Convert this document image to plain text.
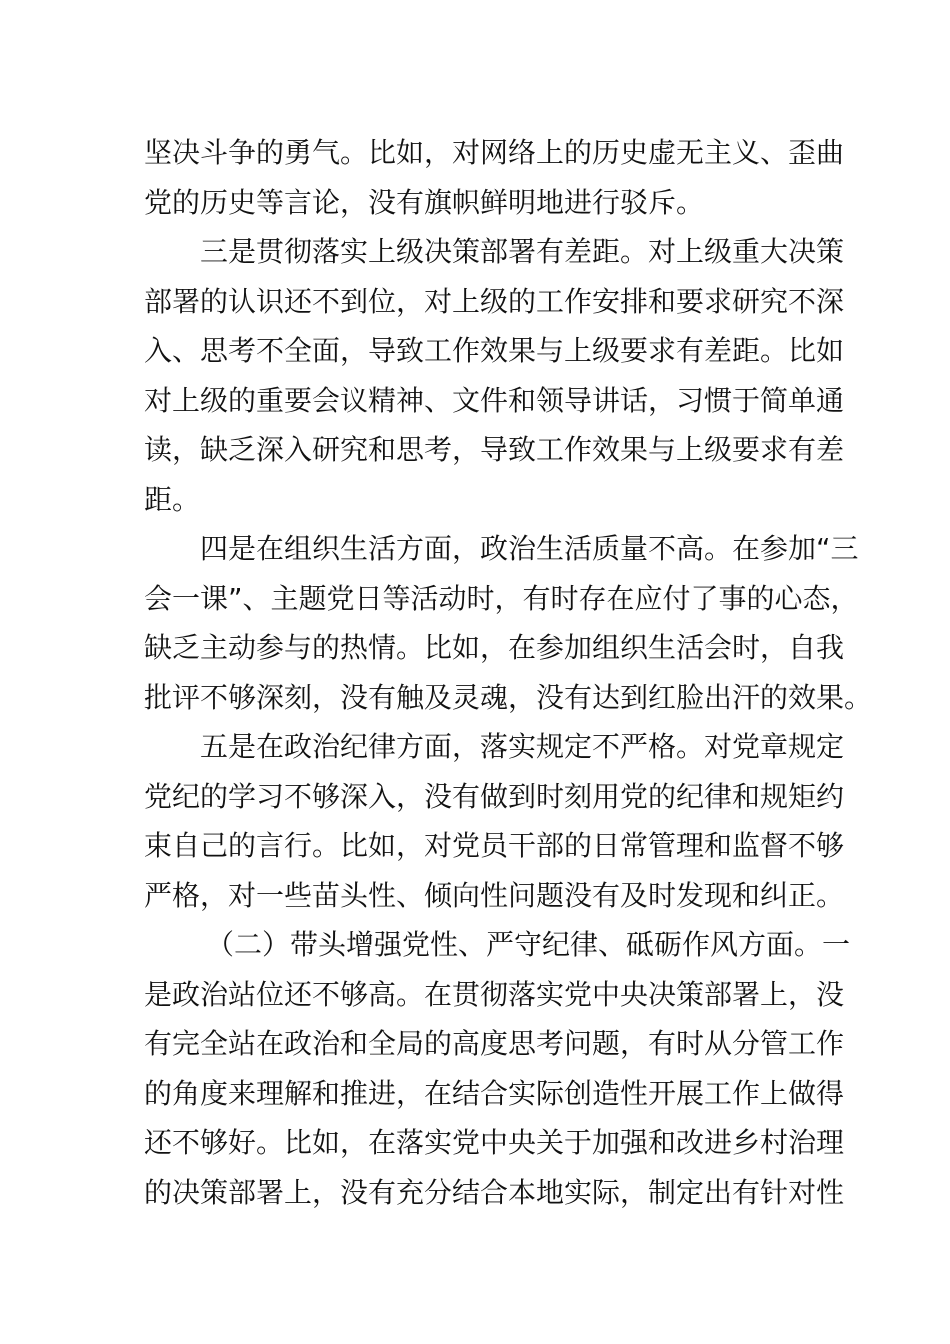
坚决斗争的勇气。比如，对网络上的历史虚无主义、歪曲
党的历史等言论，没有旗帜鲜明地进行驳斥。
三是贯彻落实上级决策部署有差距。对上级重大决策
部署的认识还不到位，对上级的工作安排和要求研究不深
入、思考不全面，导致工作效果与上级要求有差距。比如
对上级的重要会议精神、文件和领导讲话，习惯于简单通
读，缺乏深入研究和思考，导致工作效果与上级要求有差
距。
四是在组织生活方面，政治生活质量不高。在参加“三
会一课”、主题党日等活动时，有时存在应付了事的心态，
缺乏主动参与的热情。比如，在参加组织生活会时，自我
批评不够深刻，没有触及灵魂，没有达到红脸出汗的效果。
五是在政治纪律方面，落实规定不严格。对党章规定
党纪的学习不够深入，没有做到时刻用党的纪律和规矩约
束自己的言行。比如，对党员干部的日常管理和监督不够
严格，对一些苗头性、倾向性问题没有及时发现和纠正。
（二）带头增强党性、严守纪律、砥砺作风方面。一
是政治站位还不够高。在贯彻落实党中央决策部署上，没
有完全站在政治和全局的高度思考问题，有时从分管工作
的角度来理解和推进，在结合实际创造性开展工作上做得
还不够好。比如，在落实党中央关于加强和改进乡村治理
的决策部署上，没有充分结合本地实际，制定出有针对性
